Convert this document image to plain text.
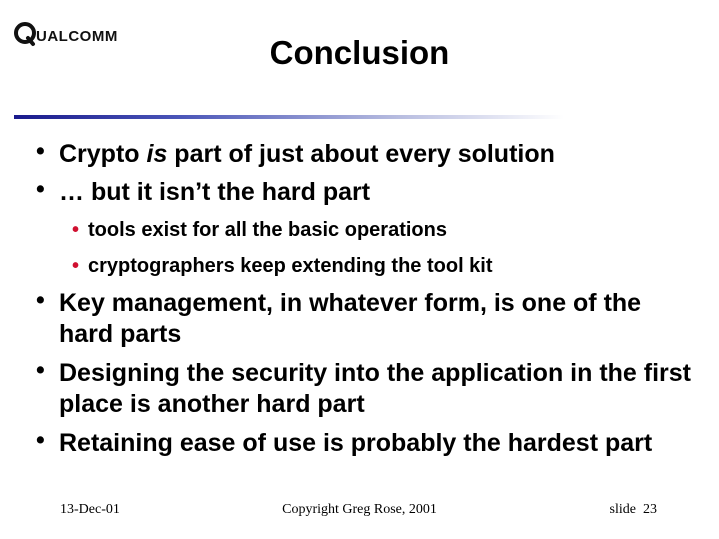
UALCOMM	Conclusion
• Crypto is part of just about every solution
• … but it isn’t the hard part
• tools exist for all the basic operations
• cryptographers keep extending the tool kit
• Key management, in whatever form, is one of the hard parts
• Designing the security into the application in the first place is another hard part
• Retaining ease of use is probably the hardest part
13-Dec-01	Copyright Greg Rose, 2001	slide  23
